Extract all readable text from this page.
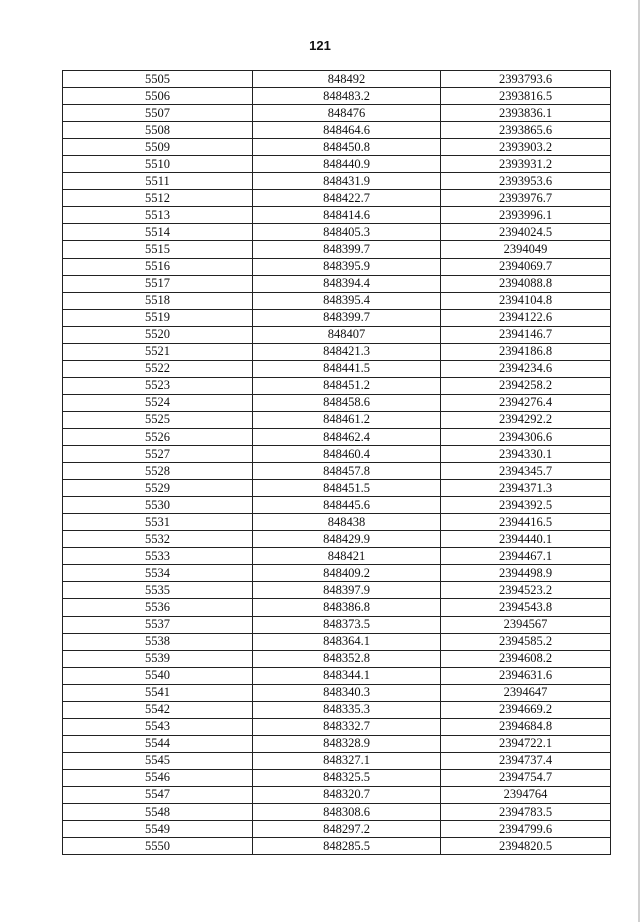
121
5505	848492	2393793.6
5506	848483.2	2393816.5
5507	848476	2393836.1
5508	848464.6	2393865.6
5509	848450.8	2393903.2
5510	848440.9	2393931.2
5511	848431.9	2393953.6
5512	848422.7	2393976.7
5513	848414.6	2393996.1
5514	848405.3	2394024.5
5515	848399.7	2394049
5516	848395.9	2394069.7
5517	848394.4	2394088.8
5518	848395.4	2394104.8
5519	848399.7	2394122.6
5520	848407	2394146.7
5521	848421.3	2394186.8
5522	848441.5	2394234.6
5523	848451.2	2394258.2
5524	848458.6	2394276.4
5525	848461.2	2394292.2
5526	848462.4	2394306.6
5527	848460.4	2394330.1
5528	848457.8	2394345.7
5529	848451.5	2394371.3
5530	848445.6	2394392.5
5531	848438	2394416.5
5532	848429.9	2394440.1
5533	848421	2394467.1
5534	848409.2	2394498.9
5535	848397.9	2394523.2
5536	848386.8	2394543.8
5537	848373.5	2394567
5538	848364.1	2394585.2
5539	848352.8	2394608.2
5540	848344.1	2394631.6
5541	848340.3	2394647
5542	848335.3	2394669.2
5543	848332.7	2394684.8
5544	848328.9	2394722.1
5545	848327.1	2394737.4
5546	848325.5	2394754.7
5547	848320.7	2394764
5548	848308.6	2394783.5
5549	848297.2	2394799.6
5550	848285.5	2394820.5
